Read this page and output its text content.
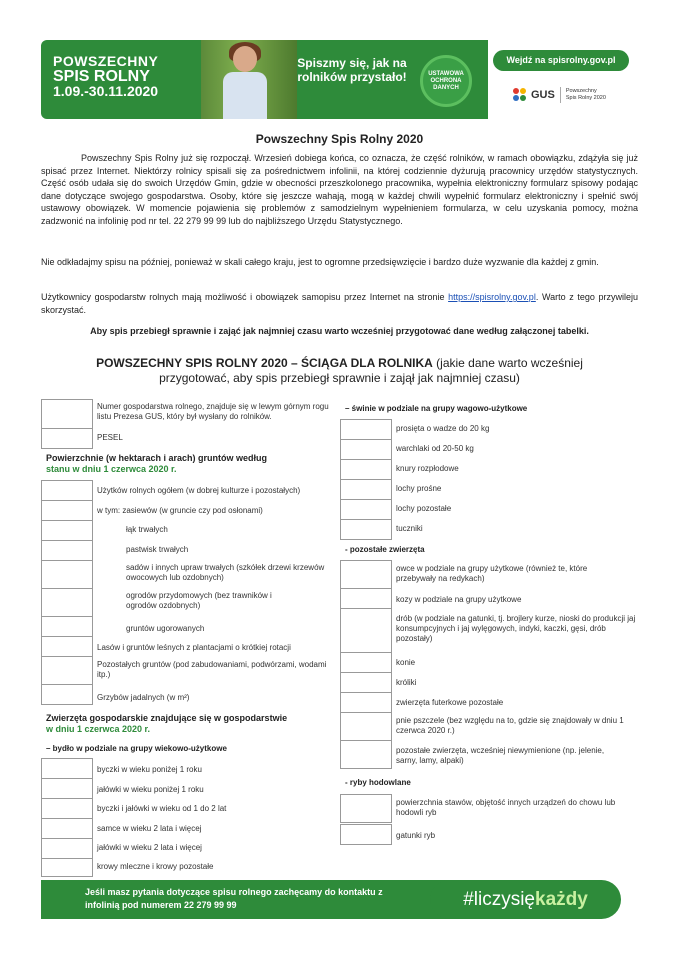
POWSZECHNY
SPIS ROLNY
1.09.-30.11.2020
Spiszmy się, jak na rolników przystało!	USTAWOWA OCHRONA DANYCH
Wejdź na spisrolny.gov.pl
GUS Powszechny Spis Rolny 2020
Powszechny Spis Rolny 2020

Powszechny Spis Rolny już się rozpoczął. Wrzesień dobiega końca, co oznacza, że część rolników, w ramach obowiązku, zdążyła się już spisać przez Internet. Niektórzy rolnicy spisali się za pośrednictwem infolinii, na której codziennie dyżurują pracownicy urzędów statystycznych. Część osób udała się do swoich Urzędów Gmin, gdzie w obecności przeszkolonego pracownika, wypełnia elektroniczny formularz spisowy podając dane dotyczące swojego gospodarstwa. Osoby, które się jeszcze wahają, mogą w każdej chwili wypełnić formularz elektroniczny i spełnić swój ustawowy obowiązek. W momencie pojawienia się problemów z samodzielnym wypełnieniem formularza, w celu uzyskania pomocy, można zadzwonić na infolinię pod nr tel. 22 279 99 99 lub do najbliższego Urzędu Statystycznego.

Nie odkładajmy spisu na później, ponieważ w skali całego kraju, jest to ogromne przedsięwzięcie i bardzo duże wyzwanie dla każdej z gmin.

Użytkownicy gospodarstw rolnych mają możliwość i obowiązek samopisu przez Internet na stronie https://spisrolny.gov.pl. Warto z tego przywileju skorzystać.

Aby spis przebiegł sprawnie i zająć jak najmniej czasu warto wcześniej przygotować dane według załączonej tabelki.
POWSZECHNY SPIS ROLNY 2020 – ŚCIĄGA DLA ROLNIKA (jakie dane warto wcześniej przygotować, aby spis przebiegł sprawnie i zajął jak najmniej czasu)
Numer gospodarstwa rolnego, znajduje się w lewym górnym rogu listu Prezesa GUS, który był wysłany do rolników.
PESEL
Powierzchnie (w hektarach i arach) gruntów według
stanu w dniu 1 czerwca 2020 r.
Użytków rolnych ogółem (w dobrej kulturze i pozostałych)
w tym: zasiewów (w gruncie czy pod osłonami)
łąk trwałych
pastwisk trwałych
sadów i innych upraw trwałych (szkółek drzewi krzewów owocowych lub ozdobnych)
ogrodów przydomowych (bez trawników i ogrodów ozdobnych)
gruntów ugorowanych
Lasów i gruntów leśnych z plantacjami o krótkiej rotacji
Pozostałych gruntów (pod zabudowaniami, podwórzami, wodami itp.)
Grzybów jadalnych (w m²)
Zwierzęta gospodarskie znajdujące się w gospodarstwie
w dniu 1 czerwca 2020 r.
– bydło w podziale na grupy wiekowo-użytkowe
byczki w wieku poniżej 1 roku
jałówki w wieku poniżej 1 roku
byczki i jałówki w wieku od 1 do 2 lat
samce w wieku 2 lata i więcej
jałówki w wieku 2 lata i więcej
krowy mleczne i krowy pozostałe
– świnie w podziale na grupy wagowo-użytkowe
prosięta o wadze do 20 kg
warchlaki od 20-50 kg
knury rozpłodowe
lochy prośne
lochy pozostałe
tuczniki
- pozostałe zwierzęta
owce w podziale na grupy użytkowe (również te, które przebywały na redykach)
kozy w podziale na grupy użytkowe
drób (w podziale na gatunki, tj. brojlery kurze, nioski do produkcji jaj konsumpcyjnych i jaj wylęgowych, indyki, kaczki, gęsi, drób pozostały)
konie
króliki
zwierzęta futerkowe pozostałe
pnie pszczele (bez względu na to, gdzie się znajdowały w dniu 1 czerwca 2020 r.)
pozostałe zwierzęta, wcześniej niewymienione (np. jelenie, sarny, lamy, alpaki)
- ryby hodowlane
powierzchnia stawów, objętość innych urządzeń do chowu lub hodowli ryb
gatunki ryb
Jeśli masz pytania dotyczące spisu rolnego zachęcamy do kontaktu z infolinią pod numerem 22 279 99 99	#liczysiękażdy
